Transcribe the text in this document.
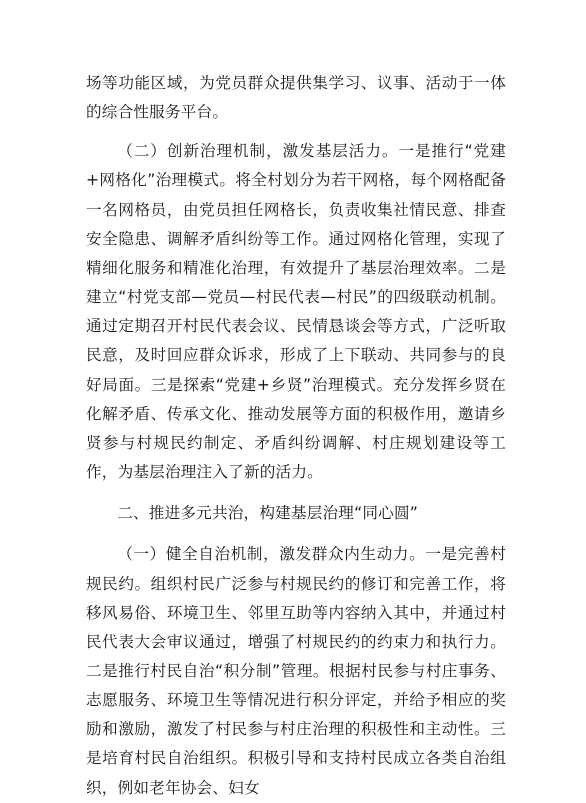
场等功能区域，为党员群众提供集学习、议事、活动于一体的综合性服务平台。

（二）创新治理机制，激发基层活力。一是推行“党建+网格化”治理模式。将全村划分为若干网格，每个网格配备一名网格员，由党员担任网格长，负责收集社情民意、排查安全隐患、调解矛盾纠纷等工作。通过网格化管理，实现了精细化服务和精准化治理，有效提升了基层治理效率。二是建立“村党支部—党员—村民代表—村民”的四级联动机制。通过定期召开村民代表会议、民情恳谈会等方式，广泛听取民意，及时回应群众诉求，形成了上下联动、共同参与的良好局面。三是探索“党建+乡贤”治理模式。充分发挥乡贤在化解矛盾、传承文化、推动发展等方面的积极作用，邀请乡贤参与村规民约制定、矛盾纠纷调解、村庄规划建设等工作，为基层治理注入了新的活力。

二、推进多元共治，构建基层治理“同心圆”

（一）健全自治机制，激发群众内生动力。一是完善村规民约。组织村民广泛参与村规民约的修订和完善工作，将移风易俗、环境卫生、邻里互助等内容纳入其中，并通过村民代表大会审议通过，增强了村规民约的约束力和执行力。二是推行村民自治“积分制”管理。根据村民参与村庄事务、志愿服务、环境卫生等情况进行积分评定，并给予相应的奖励和激励，激发了村民参与村庄治理的积极性和主动性。三是培育村民自治组织。积极引导和支持村民成立各类自治组织，例如老年协会、妇女
